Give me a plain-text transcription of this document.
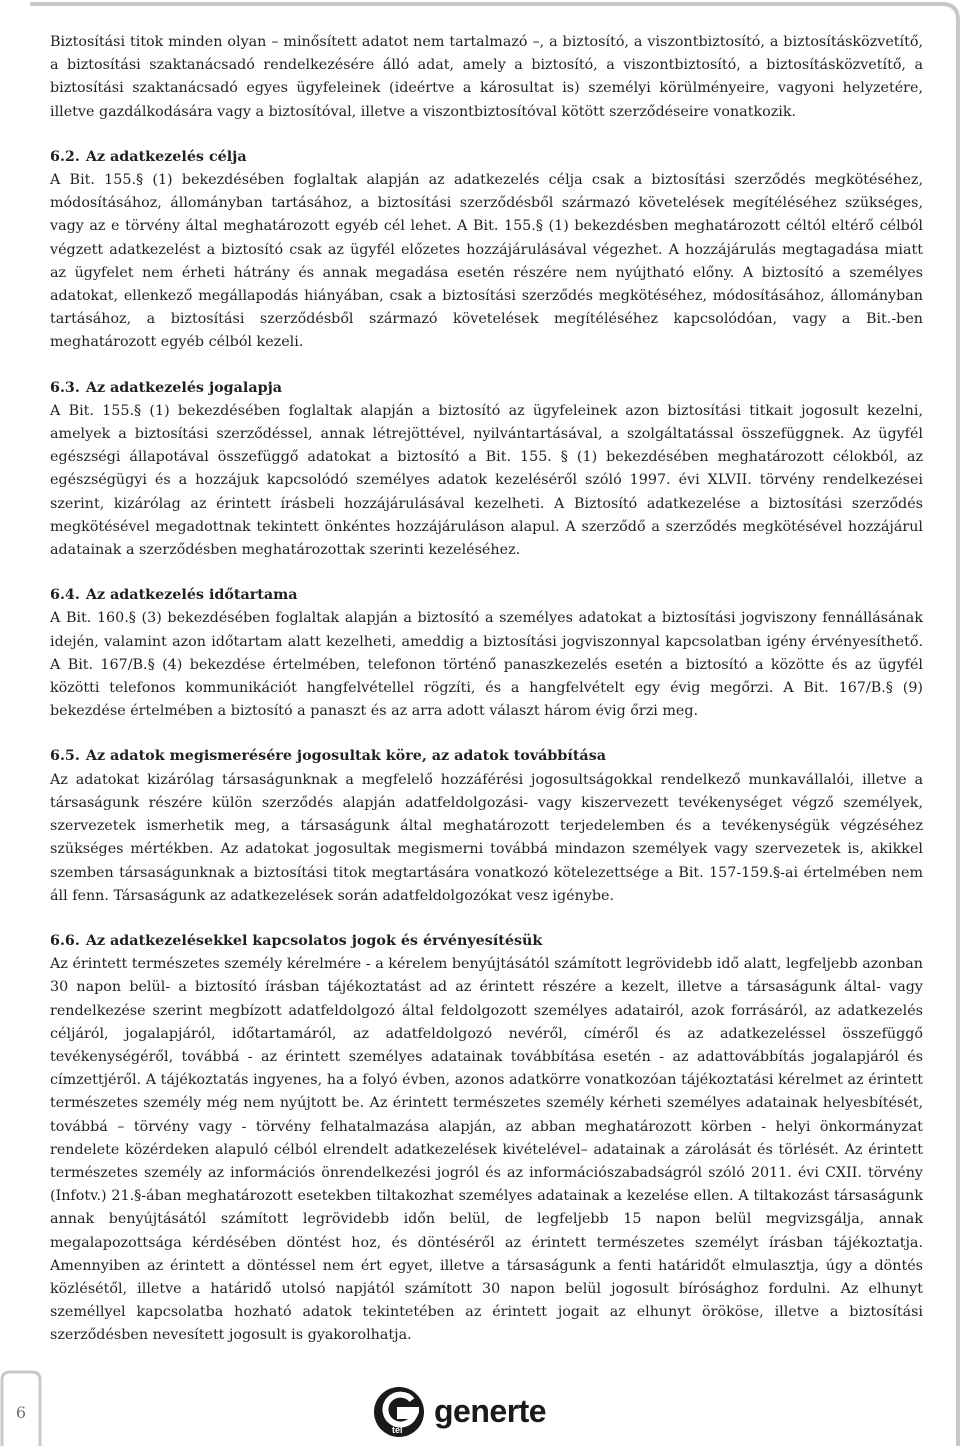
Biztosítási titok minden olyan – minősített adatot nem tartalmazó –, a biztosító, a viszontbiztosító, a biztosításközvetítő, a biztosítási szaktanácsadó rendelkezésére álló adat, amely a biztosító, a viszontbiztosító, a biztosításközvetítő, a biztosítási szaktanácsadó egyes ügyfeleinek (ideértve a károsultat is) személyi körülményeire, vagyoni helyzetére, illetve gazdálkodására vagy a biztosítóval, illetve a viszontbiztosítóval kötött szerződéseire vonatkozik.

6.2. Az adatkezelés célja

A Bit. 155.§ (1) bekezdésében foglaltak alapján az adatkezelés célja csak a biztosítási szerződés megkötéséhez, módosításához, állományban tartásához, a biztosítási szerződésből származó követelések megítéléséhez szükséges, vagy az e törvény által meghatározott egyéb cél lehet. A Bit. 155.§ (1) bekezdésben meghatározott céltól eltérő célból végzett adatkezelést a biztosító csak az ügyfél előzetes hozzájárulásával végezhet. A hozzájárulás megtagadása miatt az ügyfelet nem érheti hátrány és annak megadása esetén részére nem nyújtható előny. A biztosító a személyes adatokat, ellenkező megállapodás hiányában, csak a biztosítási szerződés megkötéséhez, módosításához, állományban tartásához, a biztosítási szerződésből származó követelések megítéléséhez kapcsolódóan, vagy a Bit.-ben meghatározott egyéb célból kezeli.

6.3. Az adatkezelés jogalapja

A Bit. 155.§ (1) bekezdésében foglaltak alapján a biztosító az ügyfeleinek azon biztosítási titkait jogosult kezelni, amelyek a biztosítási szerződéssel, annak létrejöttével, nyilvántartásával, a szolgáltatással összefüggnek. Az ügyfél egészségi állapotával összefüggő adatokat a biztosító a Bit. 155. § (1) bekezdésében meghatározott célokból, az egészségügyi és a hozzájuk kapcsolódó személyes adatok kezeléséről szóló 1997. évi XLVII. törvény rendelkezései szerint, kizárólag az érintett írásbeli hozzájárulásával kezelheti. A Biztosító adatkezelése a biztosítási szerződés megkötésével megadottnak tekintett önkéntes hozzájáruláson alapul. A szerződő a szerződés megkötésével hozzájárul adatainak a szerződésben meghatározottak szerinti kezeléséhez.

6.4. Az adatkezelés időtartama

A Bit. 160.§ (3) bekezdésében foglaltak alapján a biztosító a személyes adatokat a biztosítási jogviszony fennállásának idején, valamint azon időtartam alatt kezelheti, ameddig a biztosítási jogviszonnyal kapcsolatban igény érvényesíthető. A Bit. 167/B.§ (4) bekezdése értelmében, telefonon történő panaszkezelés esetén a biztosító a közötte és az ügyfél közötti telefonos kommunikációt hangfelvétellel rögzíti, és a hangfelvételt egy évig megőrzi. A Bit. 167/B.§ (9) bekezdése értelmében a biztosító a panaszt és az arra adott választ három évig őrzi meg.

6.5. Az adatok megismerésére jogosultak köre, az adatok továbbítása

Az adatokat kizárólag társaságunknak a megfelelő hozzáférési jogosultságokkal rendelkező munkavállalói, illetve a társaságunk részére külön szerződés alapján adatfeldolgozási- vagy kiszervezett tevékenységet végző személyek, szervezetek ismerhetik meg, a társaságunk által meghatározott terjedelemben és a tevékenységük végzéséhez szükséges mértékben. Az adatokat jogosultak megismerni továbbá mindazon személyek vagy szervezetek is, akikkel szemben társaságunknak a biztosítási titok megtartására vonatkozó kötelezettsége a Bit. 157-159.§-ai értelmében nem áll fenn. Társaságunk az adatkezelések során adatfeldolgozókat vesz igénybe.

6.6. Az adatkezelésekkel kapcsolatos jogok és érvényesítésük

Az érintett természetes személy kérelmére - a kérelem benyújtásától számított legrövidebb idő alatt, legfeljebb azonban 30 napon belül- a biztosító írásban tájékoztatást ad az érintett részére a kezelt, illetve a társaságunk által- vagy rendelkezése szerint megbízott adatfeldolgozó által feldolgozott személyes adatairól, azok forrásáról, az adatkezelés céljáról, jogalapjáról, időtartamáról, az adatfeldolgozó nevéről, címéről és az adatkezeléssel összefüggő tevékenységéről, továbbá - az érintett személyes adatainak továbbítása esetén - az adattovábbítás jogalapjáról és címzettjéről. A tájékoztatás ingyenes, ha a folyó évben, azonos adatkörre vonatkozóan tájékoztatási kérelmet az érintett természetes személy még nem nyújtott be. Az érintett természetes személy kérheti személyes adatainak helyesbítését, továbbá – törvény vagy - törvény felhatalmazása alapján, az abban meghatározott körben - helyi önkormányzat rendelete közérdeken alapuló célból elrendelt adatkezelések kivételével– adatainak a zárolását és törlését. Az érintett természetes személy az információs önrendelkezési jogról és az információszabadságról szóló 2011. évi CXII. törvény (Infotv.) 21.§-ában meghatározott esetekben tiltakozhat személyes adatainak a kezelése ellen. A tiltakozást társaságunk annak benyújtásától számított legrövidebb időn belül, de legfeljebb 15 napon belül megvizsgálja, annak megalapozottsága kérdésében döntést hoz, és döntéséről az érintett természetes személyt írásban tájékoztatja. Amennyiben az érintett a döntéssel nem ért egyet, illetve a társaságunk a fenti határidőt elmulasztja, úgy a döntés közlésétől, illetve a határidő utolsó napjától számított 30 napon belül jogosult bírósághoz fordulni. Az elhunyt személlyel kapcsolatba hozható adatok tekintetében az érintett jogait az elhunyt örököse, illetve a biztosítási szerződésben nevesített jogosult is gyakorolhatja.

6
tel
generte
